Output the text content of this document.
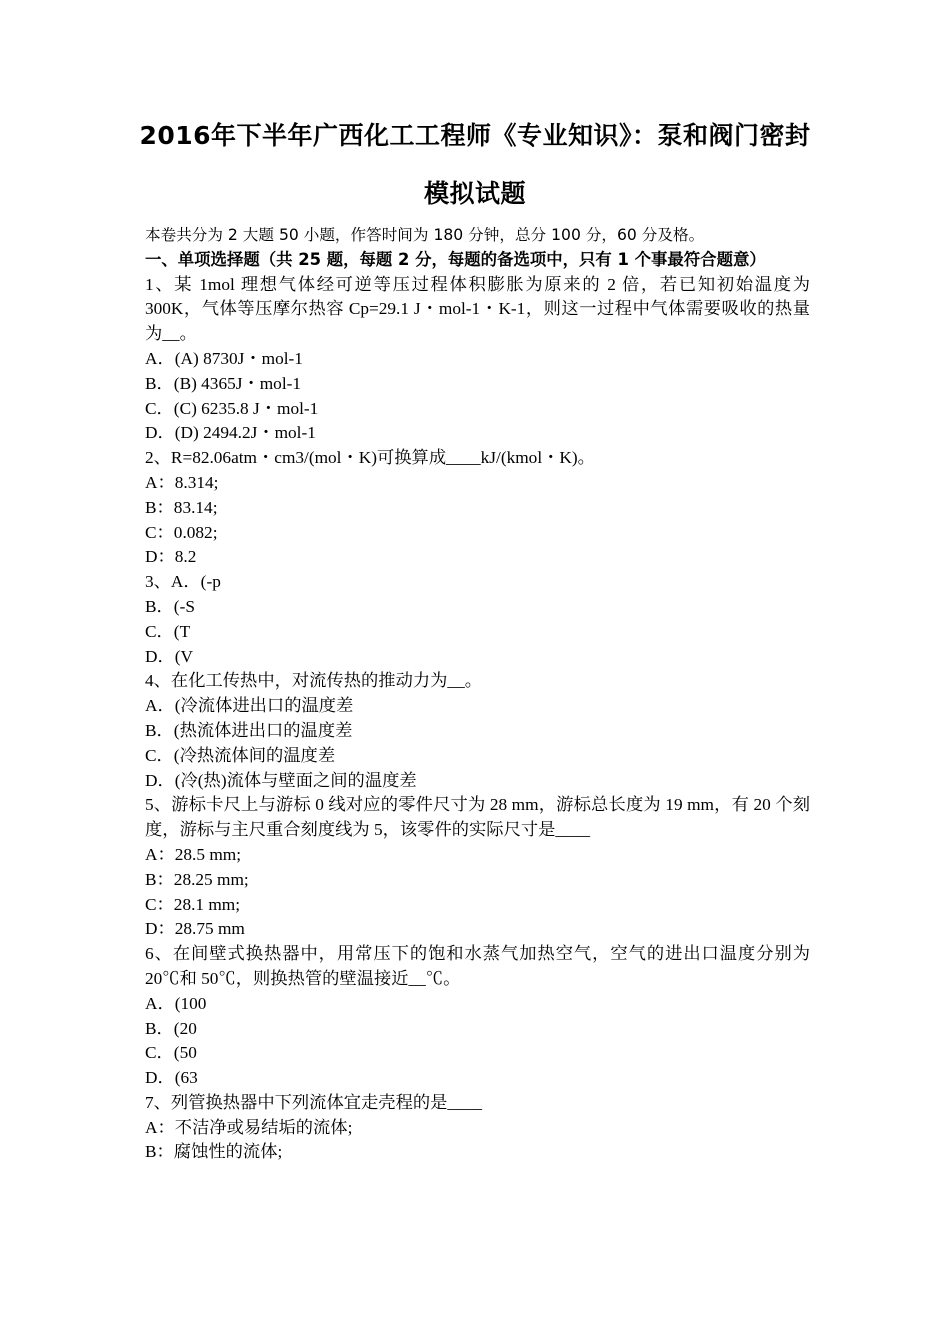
2016年下半年广西化工工程师《专业知识》：泵和阀门密封
模拟试题
本卷共分为 2 大题 50 小题，作答时间为 180 分钟，总分 100 分，60 分及格。
一、单项选择题（共 25 题，每题 2 分，每题的备选项中，只有 1 个事最符合题意）
1、某 1mol 理想气体经可逆等压过程体积膨胀为原来的 2 倍，若已知初始温度为 300K，气体等压摩尔热容 Cp=29.1 J・mol-1・K-1，则这一过程中气体需要吸收的热量为__。
A．(A) 8730J・mol-1
B．(B) 4365J・mol-1
C．(C) 6235.8 J・mol-1
D．(D) 2494.2J・mol-1
2、R=82.06atm・cm3/(mol・K)可换算成____kJ/(kmol・K)。
A：8.314;
B：83.14;
C：0.082;
D：8.2
3、A．(-p
B．(-S
C．(T
D．(V
4、在化工传热中，对流传热的推动力为__。
A．(冷流体进出口的温度差
B．(热流体进出口的温度差
C．(冷热流体间的温度差
D．(冷(热)流体与壁面之间的温度差
5、游标卡尺上与游标 0 线对应的零件尺寸为 28 mm，游标总长度为 19 mm，有 20 个刻度，游标与主尺重合刻度线为 5，该零件的实际尺寸是____
A：28.5 mm;
B：28.25 mm;
C：28.1 mm;
D：28.75 mm
6、在间壁式换热器中，用常压下的饱和水蒸气加热空气，空气的进出口温度分别为 20℃和 50℃，则换热管的壁温接近__℃。
A．(100
B．(20
C．(50
D．(63
7、列管换热器中下列流体宜走壳程的是____
A：不洁净或易结垢的流体;
B：腐蚀性的流体;
